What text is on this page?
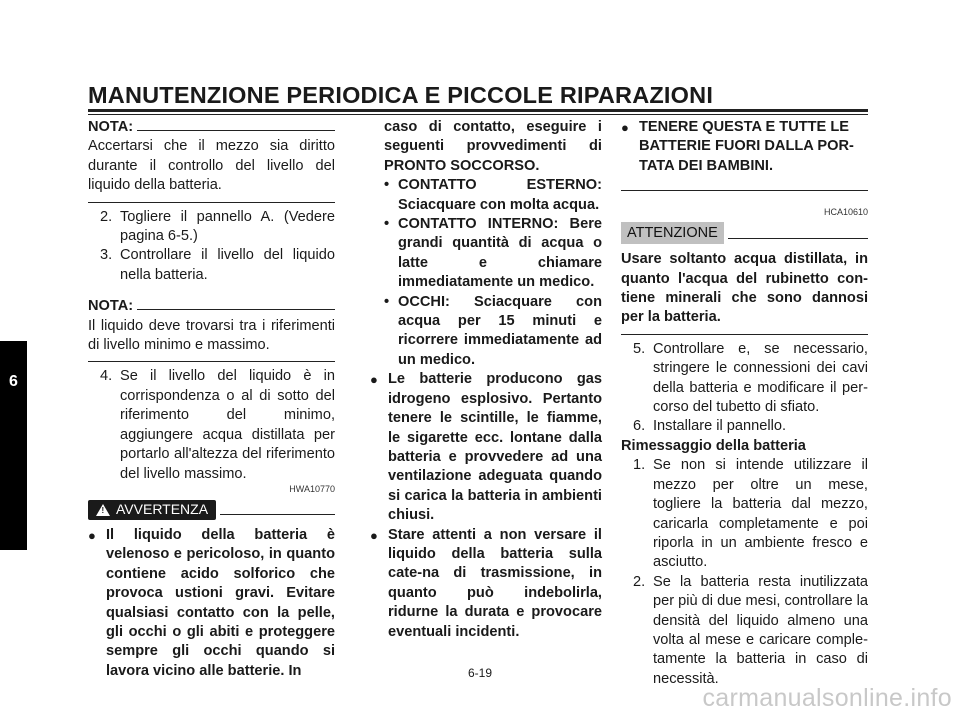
MANUTENZIONE PERIODICA E PICCOLE RIPARAZIONI
6
NOTA:
Accertarsi che il mezzo sia diritto durante il controllo del livello del liquido della batteria.
2. Togliere il pannello A. (Vedere pagina 6-5.)
3. Controllare il livello del liquido nella batteria.
NOTA:
Il liquido deve trovarsi tra i riferimenti di livello minimo e massimo.
4. Se il livello del liquido è in corrispondenza o al di sotto del riferimento del minimo, aggiungere acqua distillata per portarlo all'altezza del riferimento del livello massimo.
HWA10770
! AVVERTENZA
● Il liquido della batteria è velenoso e pericoloso, in quanto contiene acido solforico che provoca ustioni gravi. Evitare qualsiasi contatto con la pelle, gli occhi o gli abiti e proteggere sempre gli occhi quando si lavora vicino alle batterie. In
caso di contatto, eseguire i seguenti provvedimenti di PRONTO SOCCORSO.
• CONTATTO ESTERNO: Sciacquare con molta acqua.
• CONTATTO INTERNO: Bere grandi quantità di acqua o latte e chiamare immediatamente un medico.
• OCCHI: Sciacquare con acqua per 15 minuti e ricorrere immediatamente ad un medico.
● Le batterie producono gas idrogeno esplosivo. Pertanto tenere le scintille, le fiamme, le sigarette ecc. lontane dalla batteria e provvedere ad una ventilazione adeguata quando si carica la batteria in ambienti chiusi.
● Stare attenti a non versare il liquido della batteria sulla cate-na di trasmissione, in quanto può indebolirla, ridurne la durata e provocare eventuali incidenti.
● TENERE QUESTA E TUTTE LE BATTERIE FUORI DALLA POR-TATA DEI BAMBINI.
HCA10610
ATTENZIONE
Usare soltanto acqua distillata, in quanto l'acqua del rubinetto con-tiene minerali che sono dannosi per la batteria.
5. Controllare e, se necessario, stringere le connessioni dei cavi della batteria e modificare il per-corso del tubetto di sfiato.
6. Installare il pannello.
Rimessaggio della batteria
1. Se non si intende utilizzare il mezzo per oltre un mese, togliere la batteria dal mezzo, caricarla completamente e poi riporla in un ambiente fresco e asciutto.
2. Se la batteria resta inutilizzata per più di due mesi, controllare la densità del liquido almeno una volta al mese e caricare comple-tamente la batteria in caso di necessità.
6-19
carmanualsonline.info
